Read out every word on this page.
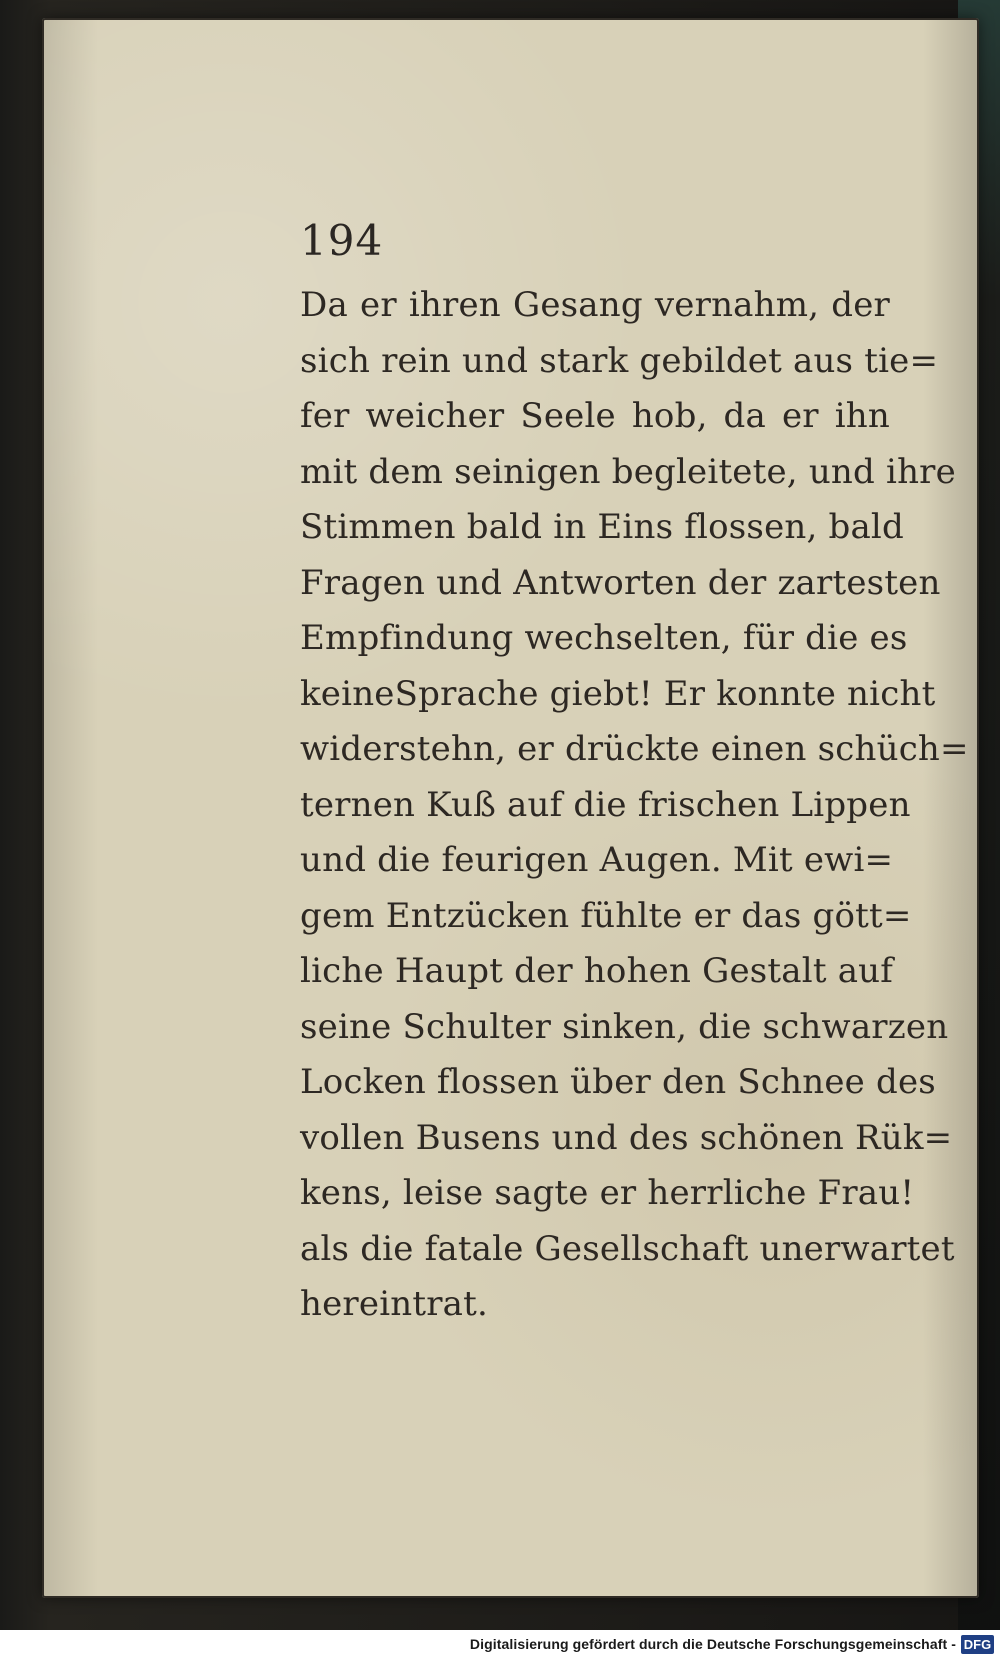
194
Da er ihren Gesang vernahm, der
sich rein und stark gebildet aus tie=
fer weicher Seele hob, da er ihn
mit dem seinigen begleitete, und ihre
Stimmen bald in Eins flossen, bald
Fragen und Antworten der zartesten
Empfindung wechselten, für die es
keineSprache giebt! Er konnte nicht
widerstehn, er drückte einen schüch=
ternen Kuß auf die frischen Lippen
und die feurigen Augen. Mit ewi=
gem Entzücken fühlte er das gött=
liche Haupt der hohen Gestalt auf
seine Schulter sinken, die schwarzen
Locken flossen über den Schnee des
vollen Busens und des schönen Rük=
kens, leise sagte er herrliche Frau!
als die fatale Gesellschaft unerwartet
hereintrat.
Digitalisierung gefördert durch die Deutsche Forschungsgemeinschaft - DFG
